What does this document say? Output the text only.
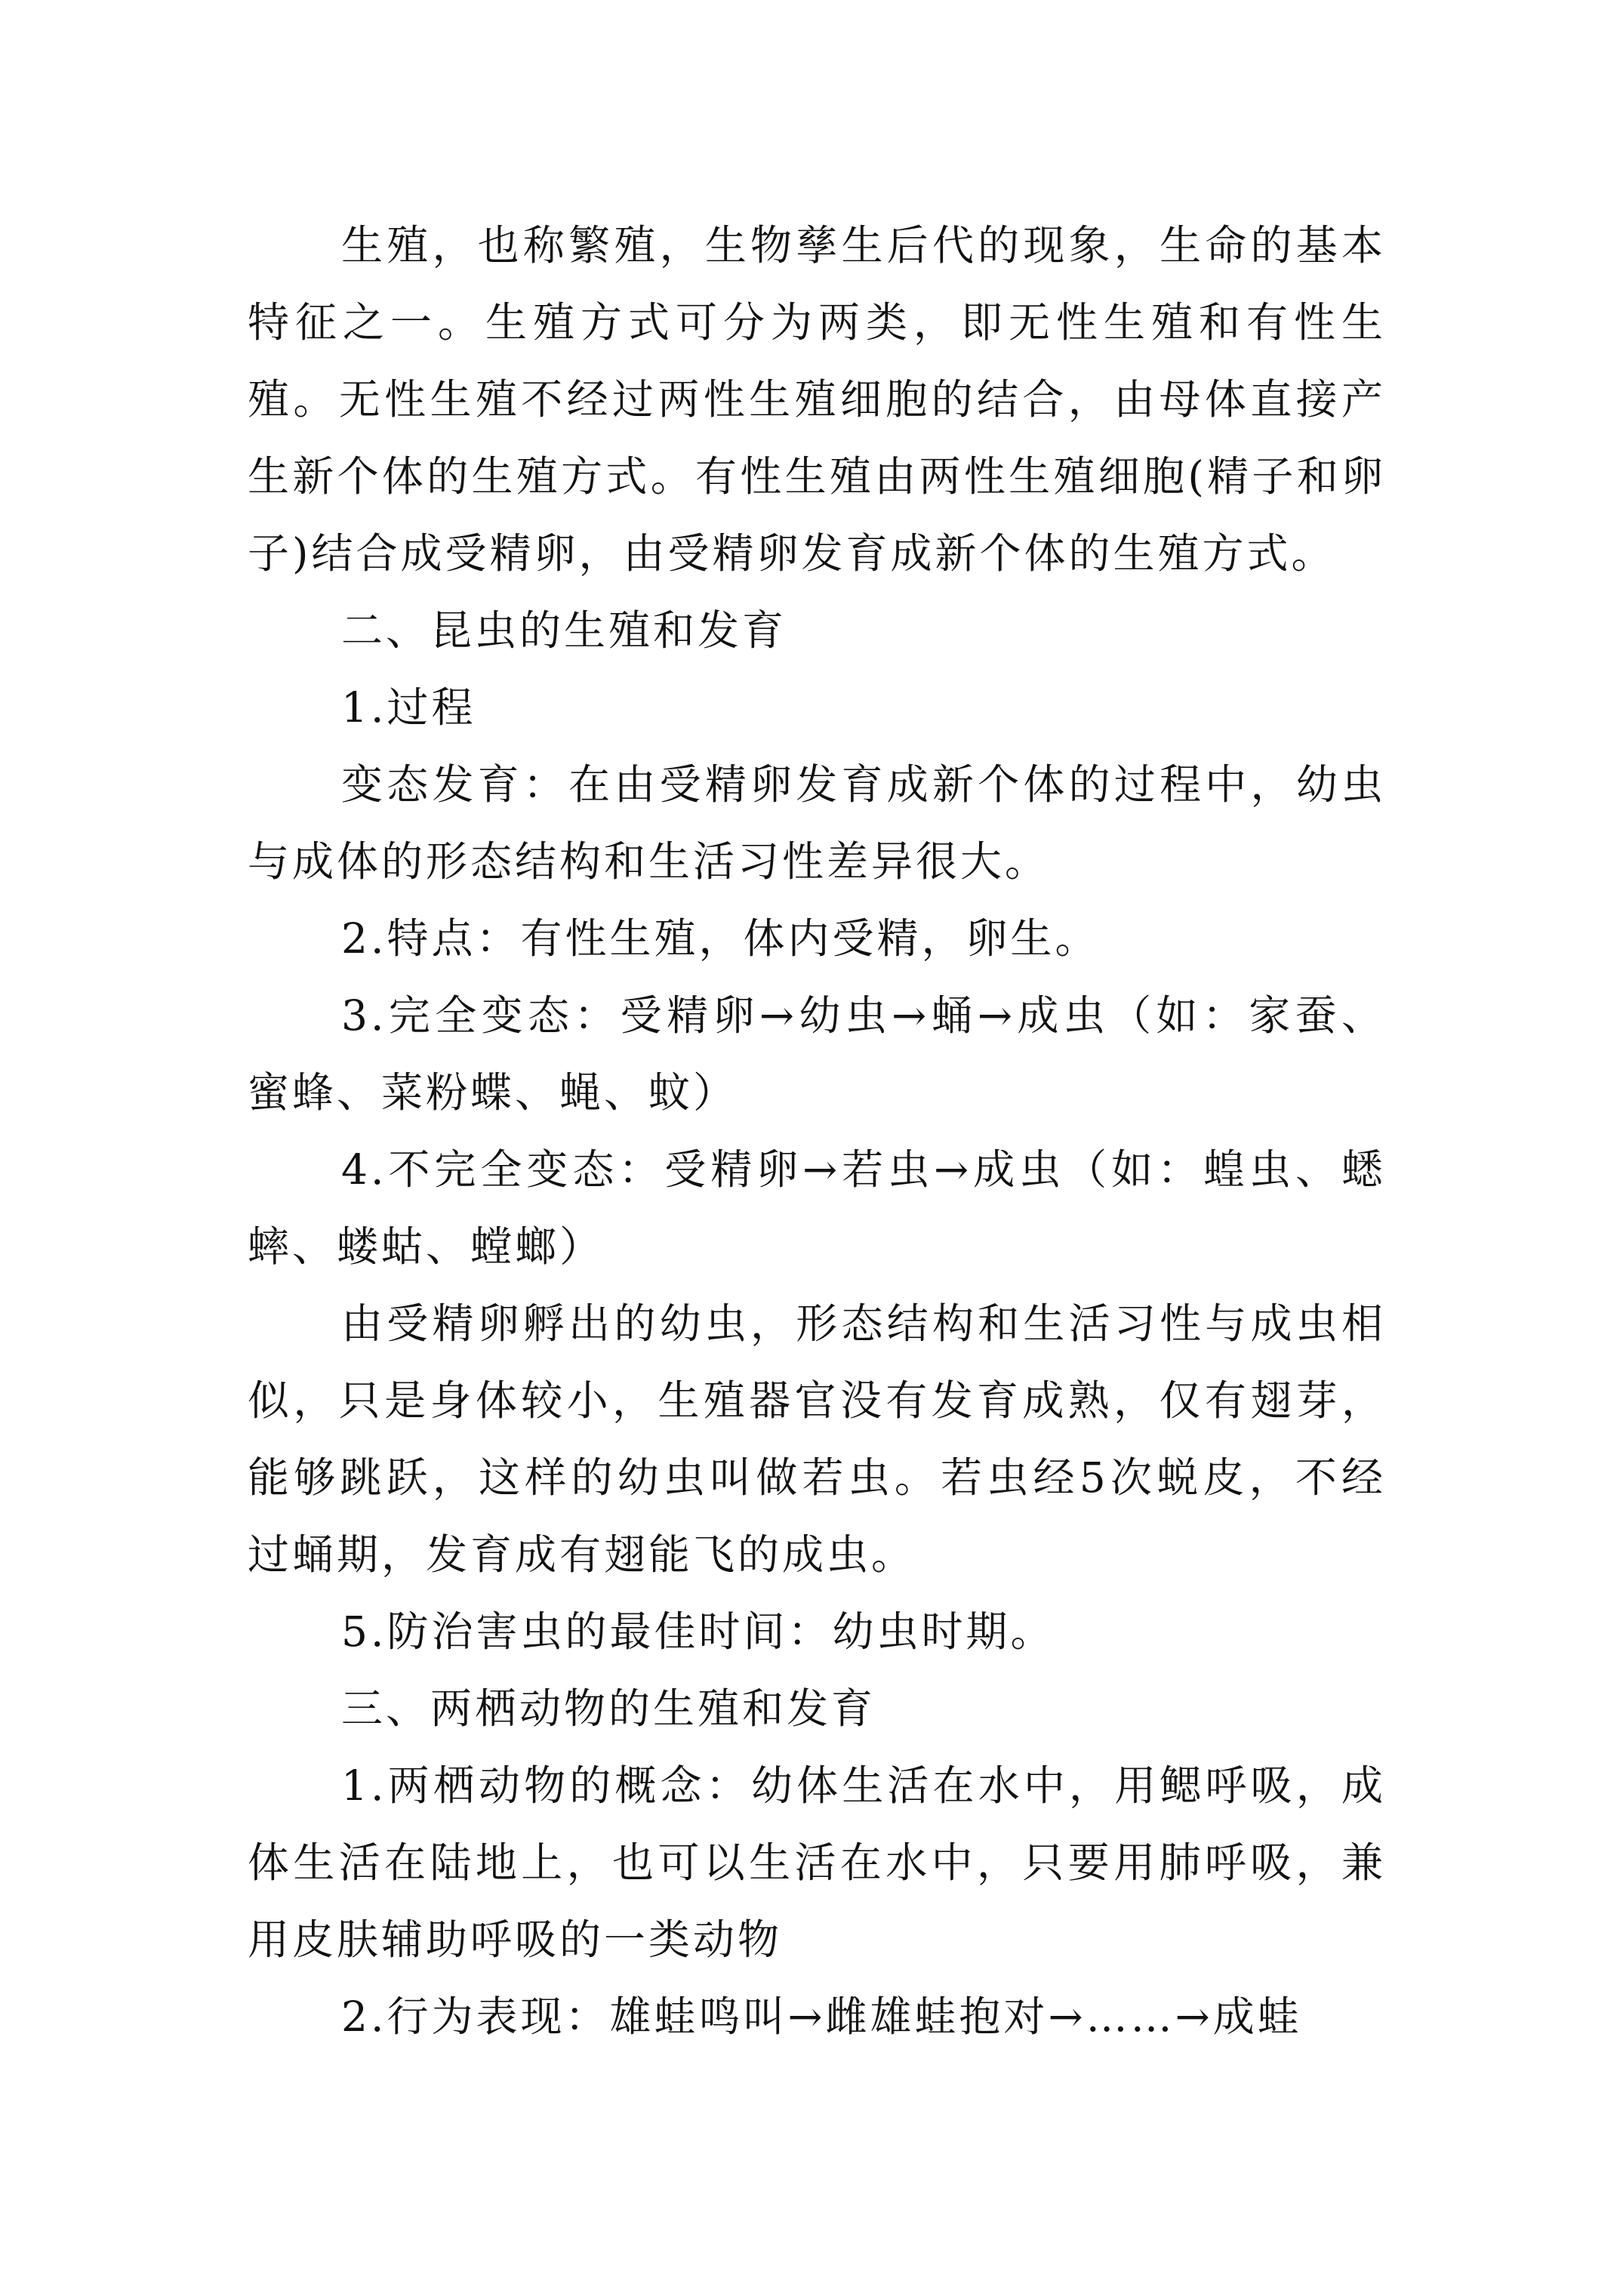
生殖，也称繁殖，生物孳生后代的现象，生命的基本特征之一。生殖方式可分为两类，即无性生殖和有性生殖。无性生殖不经过两性生殖细胞的结合，由母体直接产生新个体的生殖方式。有性生殖由两性生殖细胞(精子和卵子)结合成受精卵，由受精卵发育成新个体的生殖方式。

二、昆虫的生殖和发育

1.过程

变态发育：在由受精卵发育成新个体的过程中，幼虫与成体的形态结构和生活习性差异很大。

2.特点：有性生殖，体内受精，卵生。

3.完全变态：受精卵→幼虫→蛹→成虫（如：家蚕、蜜蜂、菜粉蝶、蝇、蚊）

4.不完全变态：受精卵→若虫→成虫（如：蝗虫、蟋蟀、蝼蛄、螳螂）

由受精卵孵出的幼虫，形态结构和生活习性与成虫相似，只是身体较小，生殖器官没有发育成熟，仅有翅芽，能够跳跃，这样的幼虫叫做若虫。若虫经5次蜕皮，不经过蛹期，发育成有翅能飞的成虫。

5.防治害虫的最佳时间：幼虫时期。

三、两栖动物的生殖和发育

1.两栖动物的概念：幼体生活在水中，用鳃呼吸，成体生活在陆地上，也可以生活在水中，只要用肺呼吸，兼用皮肤辅助呼吸的一类动物

2.行为表现：雄蛙鸣叫→雌雄蛙抱对→……→成蛙
